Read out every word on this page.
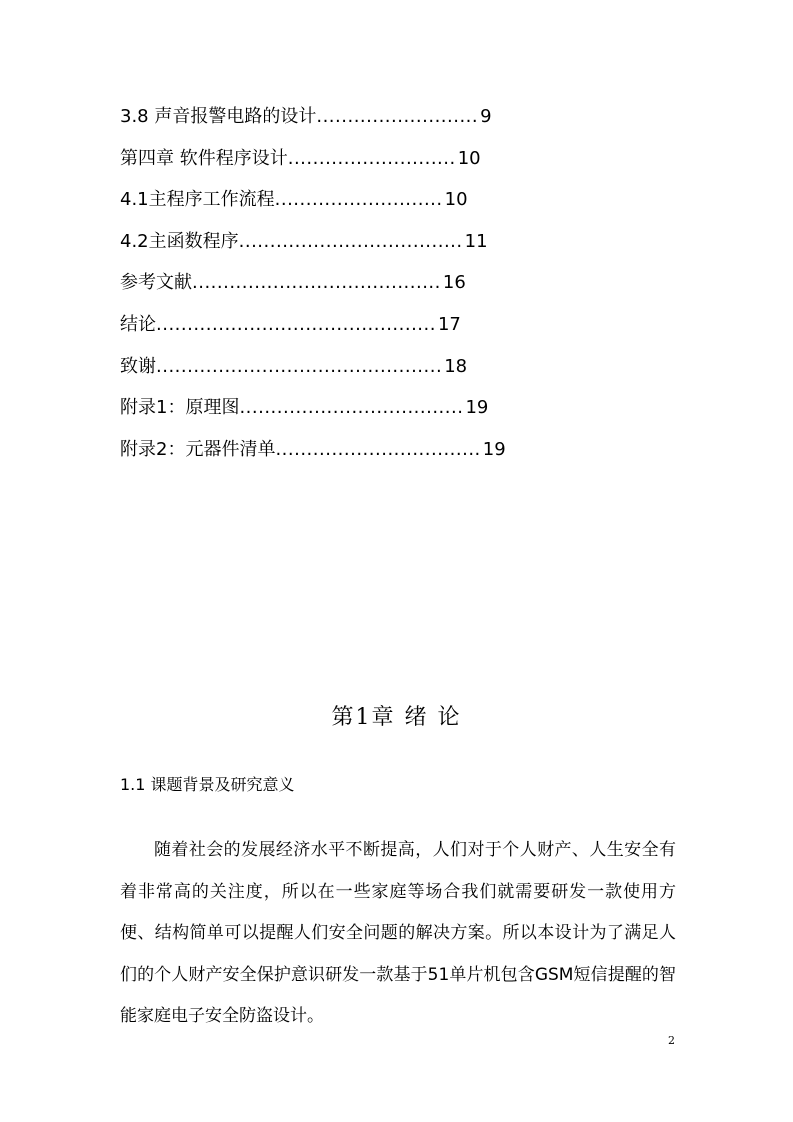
3.8 声音报警电路的设计.......................... 9
第四章 软件程序设计........................... 10
4.1主程序工作流程........................... 10
4.2主函数程序.................................... 11
参考文献........................................ 16
结论............................................. 17
致谢.............................................. 18
附录1：原理图.................................... 19
附录2：元器件清单................................. 19
第1章 绪 论
1.1 课题背景及研究意义
随着社会的发展经济水平不断提高，人们对于个人财产、人生安全有着非常高的关注度，所以在一些家庭等场合我们就需要研发一款使用方便、结构简单可以提醒人们安全问题的解决方案。所以本设计为了满足人们的个人财产安全保护意识研发一款基于51单片机包含GSM短信提醒的智能家庭电子安全防盗设计。
2
